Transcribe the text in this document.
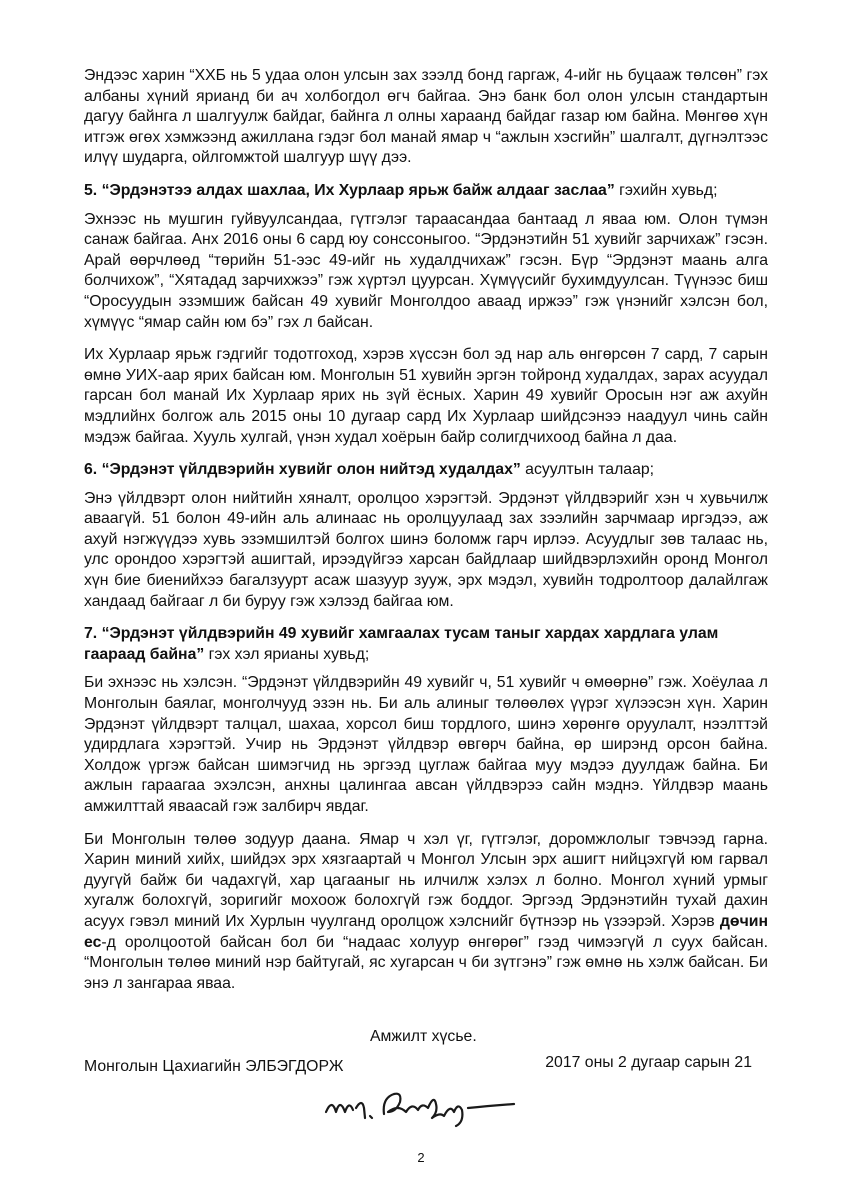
Эндээс харин “ХХБ нь 5 удаа олон улсын зах зээлд бонд гаргаж, 4-ийг нь буцааж төлсөн” гэх албаны хүний ярианд би ач холбогдол өгч байгаа. Энэ банк бол олон улсын стандартын дагуу байнга л шалгуулж байдаг, байнга л олны хараанд байдаг газар юм байна. Мөнгөө хүн итгэж өгөх хэмжээнд ажиллана гэдэг бол манай ямар ч “ажлын хэсгийн” шалгалт, дүгнэлтээс илүү шударга, ойлгомжтой шалгуур шүү дээ.

5. “Эрдэнэтээ алдах шахлаа, Их Хурлаар ярьж байж алдааг заслаа” гэхийн хувьд;

Эхнээс нь мушгин гуйвуулсандаа, гүтгэлэг тараасандаа бантаад л яваа юм. Олон түмэн санаж байгаа. Анх 2016 оны 6 сард юу сонссоныгоо. “Эрдэнэтийн 51 хувийг зарчихаж” гэсэн. Арай өөрчлөөд “төрийн 51-ээс 49-ийг нь худалдчихаж” гэсэн. Бүр “Эрдэнэт маань алга болчихож”, “Хятадад зарчихжээ” гэж хүртэл цуурсан. Хүмүүсийг бухимдуулсан. Түүнээс биш “Оросуудын эзэмшиж байсан 49 хувийг Монголдоо аваад иржээ” гэж үнэнийг хэлсэн бол, хүмүүс “ямар сайн юм бэ” гэх л байсан.

Их Хурлаар ярьж гэдгийг тодотгоход, хэрэв хүссэн бол эд нар аль өнгөрсөн 7 сард, 7 сарын өмнө УИХ-аар ярих байсан юм. Монголын 51 хувийн эргэн тойронд худалдах, зарах асуудал гарсан бол манай Их Хурлаар ярих нь зүй ёсных. Харин 49 хувийг Оросын нэг аж ахуйн мэдлийнх болгож аль 2015 оны 10 дугаар сард Их Хурлаар шийдсэнээ наадуул чинь сайн мэдэж байгаа. Хууль хулгай, үнэн худал хоёрын байр солигдчихоод байна л даа.

6. “Эрдэнэт үйлдвэрийн хувийг олон нийтэд худалдах” асуултын талаар;

Энэ үйлдвэрт олон нийтийн хяналт, оролцоо хэрэгтэй. Эрдэнэт үйлдвэрийг хэн ч хувьчилж аваагүй. 51 болон 49-ийн аль алинаас нь оролцуулаад зах зээлийн зарчмаар иргэдээ, аж ахуй нэгжүүдээ хувь эзэмшилтэй болгох шинэ боломж гарч ирлээ. Асуудлыг зөв талаас нь, улс орондоо хэрэгтэй ашигтай, ирээдүйгээ харсан байдлаар шийдвэрлэхийн оронд Монгол хүн бие биенийхээ багалзуурт асаж шазуур зууж, эрх мэдэл, хувийн тодролтоор далайлгаж хандаад байгааг л би буруу гэж хэлээд байгаа юм.

7. “Эрдэнэт үйлдвэрийн 49 хувийг хамгаалах тусам таныг хардах хардлага улам гаараад байна” гэх хэл ярианы хувьд;

Би эхнээс нь хэлсэн. “Эрдэнэт үйлдвэрийн 49 хувийг ч, 51 хувийг ч өмөөрнө” гэж. Хоёулаа л Монголын баялаг, монголчууд эзэн нь. Би аль алиныг төлөөлөх үүрэг хүлээсэн хүн. Харин Эрдэнэт үйлдвэрт талцал, шахаа, хорсол биш тордлого, шинэ хөрөнгө оруулалт, нээлттэй удирдлага хэрэгтэй. Учир нь Эрдэнэт үйлдвэр өвгөрч байна, өр ширэнд орсон байна. Холдож үргэж байсан шимэгчид нь эргээд цуглаж байгаа муу мэдээ дуулдаж байна. Би ажлын гараагаа эхэлсэн, анхны цалингаа авсан үйлдвэрээ сайн мэднэ. Үйлдвэр маань амжилттай яваасай гэж залбирч явдаг.

Би Монголын төлөө зодуур даана. Ямар ч хэл үг, гүтгэлэг, доромжлолыг тэвчээд гарна. Харин миний хийх, шийдэх эрх хязгаартай ч Монгол Улсын эрх ашигт нийцэхгүй юм гарвал дуугүй байж би чадахгүй, хар цагааныг нь илчилж хэлэх л болно. Монгол хүний урмыг хугалж болохгүй, зоригийг мохоож болохгүй гэж боддог. Эргээд Эрдэнэтийн тухай дахин асуух гэвэл миний Их Хурлын чуулганд оролцож хэлснийг бүтнээр нь үзээрэй. Хэрэв дөчин ес-д оролцоотой байсан бол би “надаас холуур өнгөрөг” гээд чимээгүй л суух байсан. “Монголын төлөө миний нэр байтугай, яс хугарсан ч би зүтгэнэ” гэж өмнө нь хэлж байсан. Би энэ л зангараа яваа.

Амжилт хүсье.
Монголын Цахиагийн ЭЛБЭГДОРЖ	2017 оны 2 дугаар сарын 21
2
